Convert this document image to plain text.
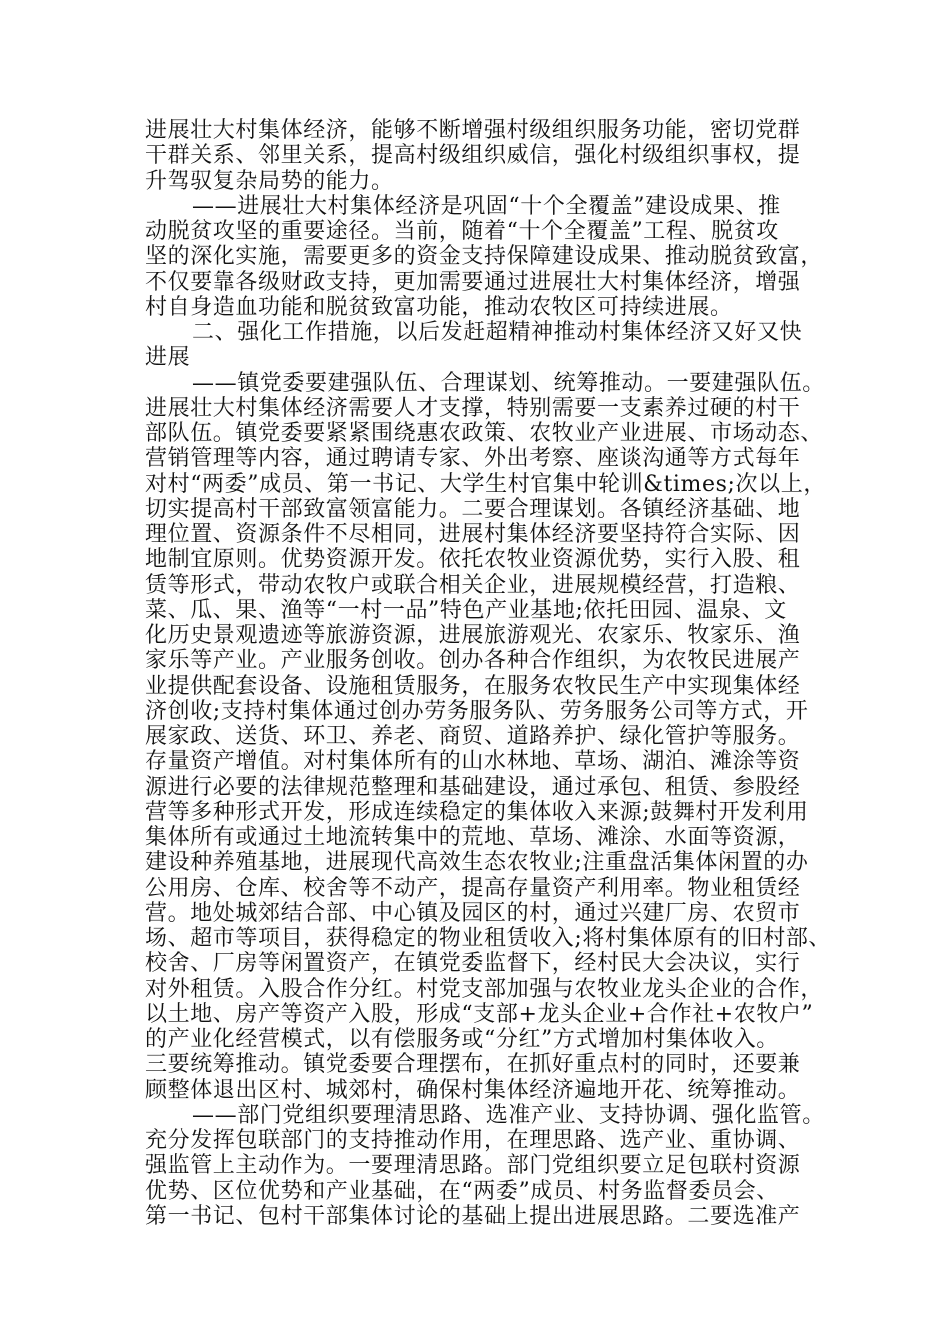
进展壮大村集体经济，能够不断增强村级组织服务功能，密切党群
干群关系、邻里关系，提高村级组织威信，强化村级组织事权，提
升驾驭复杂局势的能力。
——进展壮大村集体经济是巩固“十个全覆盖”建设成果、推
动脱贫攻坚的重要途径。当前，随着“十个全覆盖”工程、脱贫攻
坚的深化实施，需要更多的资金支持保障建设成果、推动脱贫致富，
不仅要靠各级财政支持，更加需要通过进展壮大村集体经济，增强
村自身造血功能和脱贫致富功能，推动农牧区可持续进展。
二、强化工作措施，以后发赶超精神推动村集体经济又好又快
进展
——镇党委要建强队伍、合理谋划、统筹推动。一要建强队伍。
进展壮大村集体经济需要人才支撑，特别需要一支素养过硬的村干
部队伍。镇党委要紧紧围绕惠农政策、农牧业产业进展、市场动态、
营销管理等内容，通过聘请专家、外出考察、座谈沟通等方式每年
对村“两委”成员、第一书记、大学生村官集中轮训&times;次以上，
切实提高村干部致富领富能力。二要合理谋划。各镇经济基础、地
理位置、资源条件不尽相同，进展村集体经济要坚持符合实际、因
地制宜原则。优势资源开发。依托农牧业资源优势，实行入股、租
赁等形式，带动农牧户或联合相关企业，进展规模经营，打造粮、
菜、瓜、果、渔等“一村一品”特色产业基地;依托田园、温泉、文
化历史景观遗迹等旅游资源，进展旅游观光、农家乐、牧家乐、渔
家乐等产业。产业服务创收。创办各种合作组织，为农牧民进展产
业提供配套设备、设施租赁服务，在服务农牧民生产中实现集体经
济创收;支持村集体通过创办劳务服务队、劳务服务公司等方式，开
展家政、送货、环卫、养老、商贸、道路养护、绿化管护等服务。
存量资产增值。对村集体所有的山水林地、草场、湖泊、滩涂等资
源进行必要的法律规范整理和基础建设，通过承包、租赁、参股经
营等多种形式开发，形成连续稳定的集体收入来源;鼓舞村开发利用
集体所有或通过土地流转集中的荒地、草场、滩涂、水面等资源，
建设种养殖基地，进展现代高效生态农牧业;注重盘活集体闲置的办
公用房、仓库、校舍等不动产，提高存量资产利用率。物业租赁经
营。地处城郊结合部、中心镇及园区的村，通过兴建厂房、农贸市
场、超市等项目，获得稳定的物业租赁收入;将村集体原有的旧村部、
校舍、厂房等闲置资产，在镇党委监督下，经村民大会决议，实行
对外租赁。入股合作分红。村党支部加强与农牧业龙头企业的合作，
以土地、房产等资产入股，形成“支部+龙头企业+合作社+农牧户”
的产业化经营模式，以有偿服务或“分红”方式增加村集体收入。
三要统筹推动。镇党委要合理摆布，在抓好重点村的同时，还要兼
顾整体退出区村、城郊村，确保村集体经济遍地开花、统筹推动。
——部门党组织要理清思路、选准产业、支持协调、强化监管。
充分发挥包联部门的支持推动作用，在理思路、选产业、重协调、
强监管上主动作为。一要理清思路。部门党组织要立足包联村资源
优势、区位优势和产业基础，在“两委”成员、村务监督委员会、
第一书记、包村干部集体讨论的基础上提出进展思路。二要选准产
